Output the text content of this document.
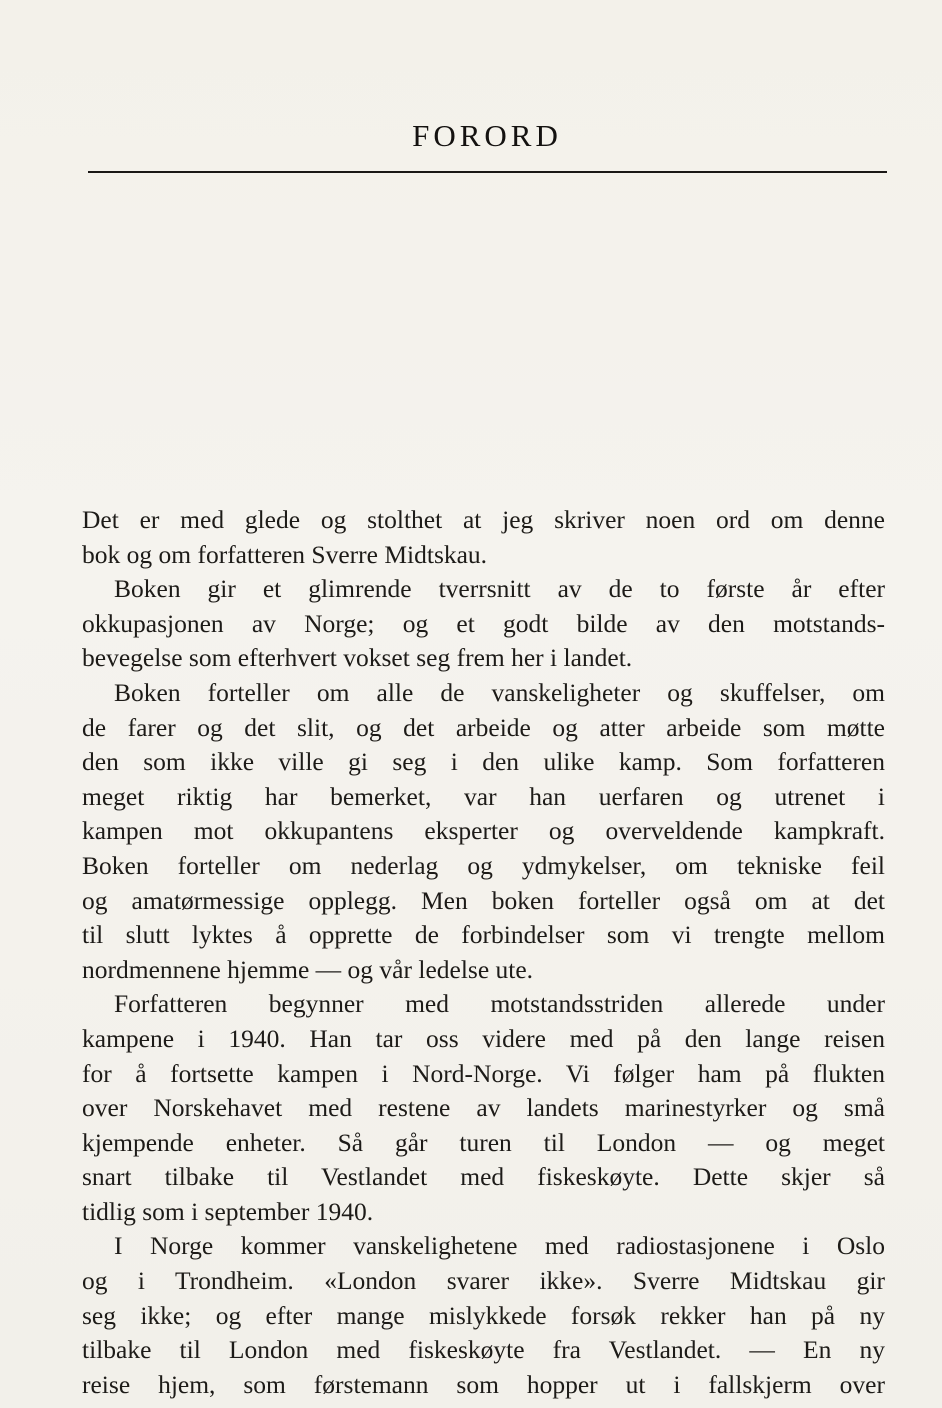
FORORD
Det er med glede og stolthet at jeg skriver noen ord om denne
bok og om forfatteren Sverre Midtskau.
Boken gir et glimrende tverrsnitt av de to første år efter
okkupasjonen av Norge; og et godt bilde av den motstands-
bevegelse som efterhvert vokset seg frem her i landet.
Boken forteller om alle de vanskeligheter og skuffelser, om
de farer og det slit, og det arbeide og atter arbeide som møtte
den som ikke ville gi seg i den ulike kamp. Som forfatteren
meget riktig har bemerket, var han uerfaren og utrenet i
kampen mot okkupantens eksperter og overveldende kampkraft.
Boken forteller om nederlag og ydmykelser, om tekniske feil
og amatørmessige opplegg. Men boken forteller også om at det
til slutt lyktes å opprette de forbindelser som vi trengte mellom
nordmennene hjemme — og vår ledelse ute.
Forfatteren begynner med motstandsstriden allerede under
kampene i 1940. Han tar oss videre med på den lange reisen
for å fortsette kampen i Nord-Norge. Vi følger ham på flukten
over Norskehavet med restene av landets marinestyrker og små
kjempende enheter. Så går turen til London — og meget
snart tilbake til Vestlandet med fiskeskøyte. Dette skjer så
tidlig som i september 1940.
I Norge kommer vanskelighetene med radiostasjonene i Oslo
og i Trondheim. «London svarer ikke». Sverre Midtskau gir
seg ikke; og efter mange mislykkede forsøk rekker han på ny
tilbake til London med fiskeskøyte fra Vestlandet. — En ny
reise hjem, som førstemann som hopper ut i fallskjerm over
